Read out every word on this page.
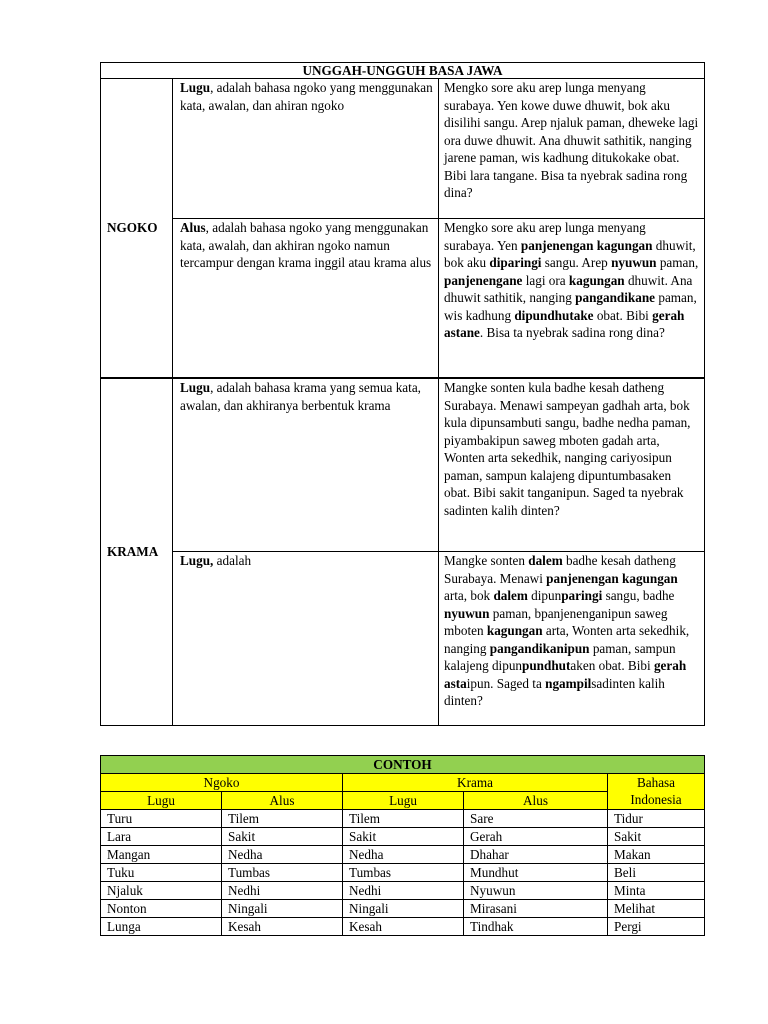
UNGGAH-UNGGUH BASA JAWA		
NGOKO	Lugu, adalah bahasa ngoko yang menggunakan kata, awalan, dan ahiran ngoko	Mengko sore aku arep lunga menyang surabaya. Yen kowe duwe dhuwit, bok aku disilihi sangu. Arep njaluk paman, dheweke lagi ora duwe dhuwit. Ana dhuwit sathitik, nanging jarene paman, wis kadhung ditukokake obat. Bibi lara tangane. Bisa ta nyebrak sadina rong dina?
	Alus, adalah bahasa ngoko yang menggunakan kata, awalah, dan akhiran ngoko namun tercampur dengan krama inggil atau krama alus	Mengko sore aku arep lunga menyang surabaya. Yen panjenengan kagungan dhuwit, bok aku diparingi sangu. Arep nyuwun paman, panjenengane lagi ora kagungan dhuwit. Ana dhuwit sathitik, nanging pangandikane paman, wis kadhung dipundhutake obat. Bibi gerah astane. Bisa ta nyebrak sadina rong dina?
KRAMA	Lugu, adalah bahasa krama yang semua kata, awalan, dan akhiranya berbentuk krama	Mangke sonten kula badhe kesah datheng Surabaya. Menawi sampeyan gadhah arta, bok kula dipunsambuti sangu, badhe nedha paman, piyambakipun saweg mboten gadah arta, Wonten arta sekedhik, nanging cariyosipun paman, sampun kalajeng dipuntumbasaken obat. Bibi sakit tanganipun. Saged ta nyebrak sadinten kalih dinten?
	Lugu, adalah	Mangke sonten dalem badhe kesah datheng Surabaya. Menawi panjenengan kagungan arta, bok dalem dipunparingi sangu, badhe nyuwun paman, bpanjenenganipun saweg mboten kagungan arta, Wonten arta sekedhik, nanging pangandikanipun paman, sampun kalajeng dipunpundhutaken obat. Bibi gerah astaipun. Saged ta ngampilsadinten kalih dinten?
CONTOH				
Ngoko		Krama		Bahasa Indonesia
Lugu	Alus	Lugu	Alus	
Turu	Tilem	Tilem	Sare	Tidur
Lara	Sakit	Sakit	Gerah	Sakit
Mangan	Nedha	Nedha	Dhahar	Makan
Tuku	Tumbas	Tumbas	Mundhut	Beli
Njaluk	Nedhi	Nedhi	Nyuwun	Minta
Nonton	Ningali	Ningali	Mirasani	Melihat
Lunga	Kesah	Kesah	Tindhak	Pergi
